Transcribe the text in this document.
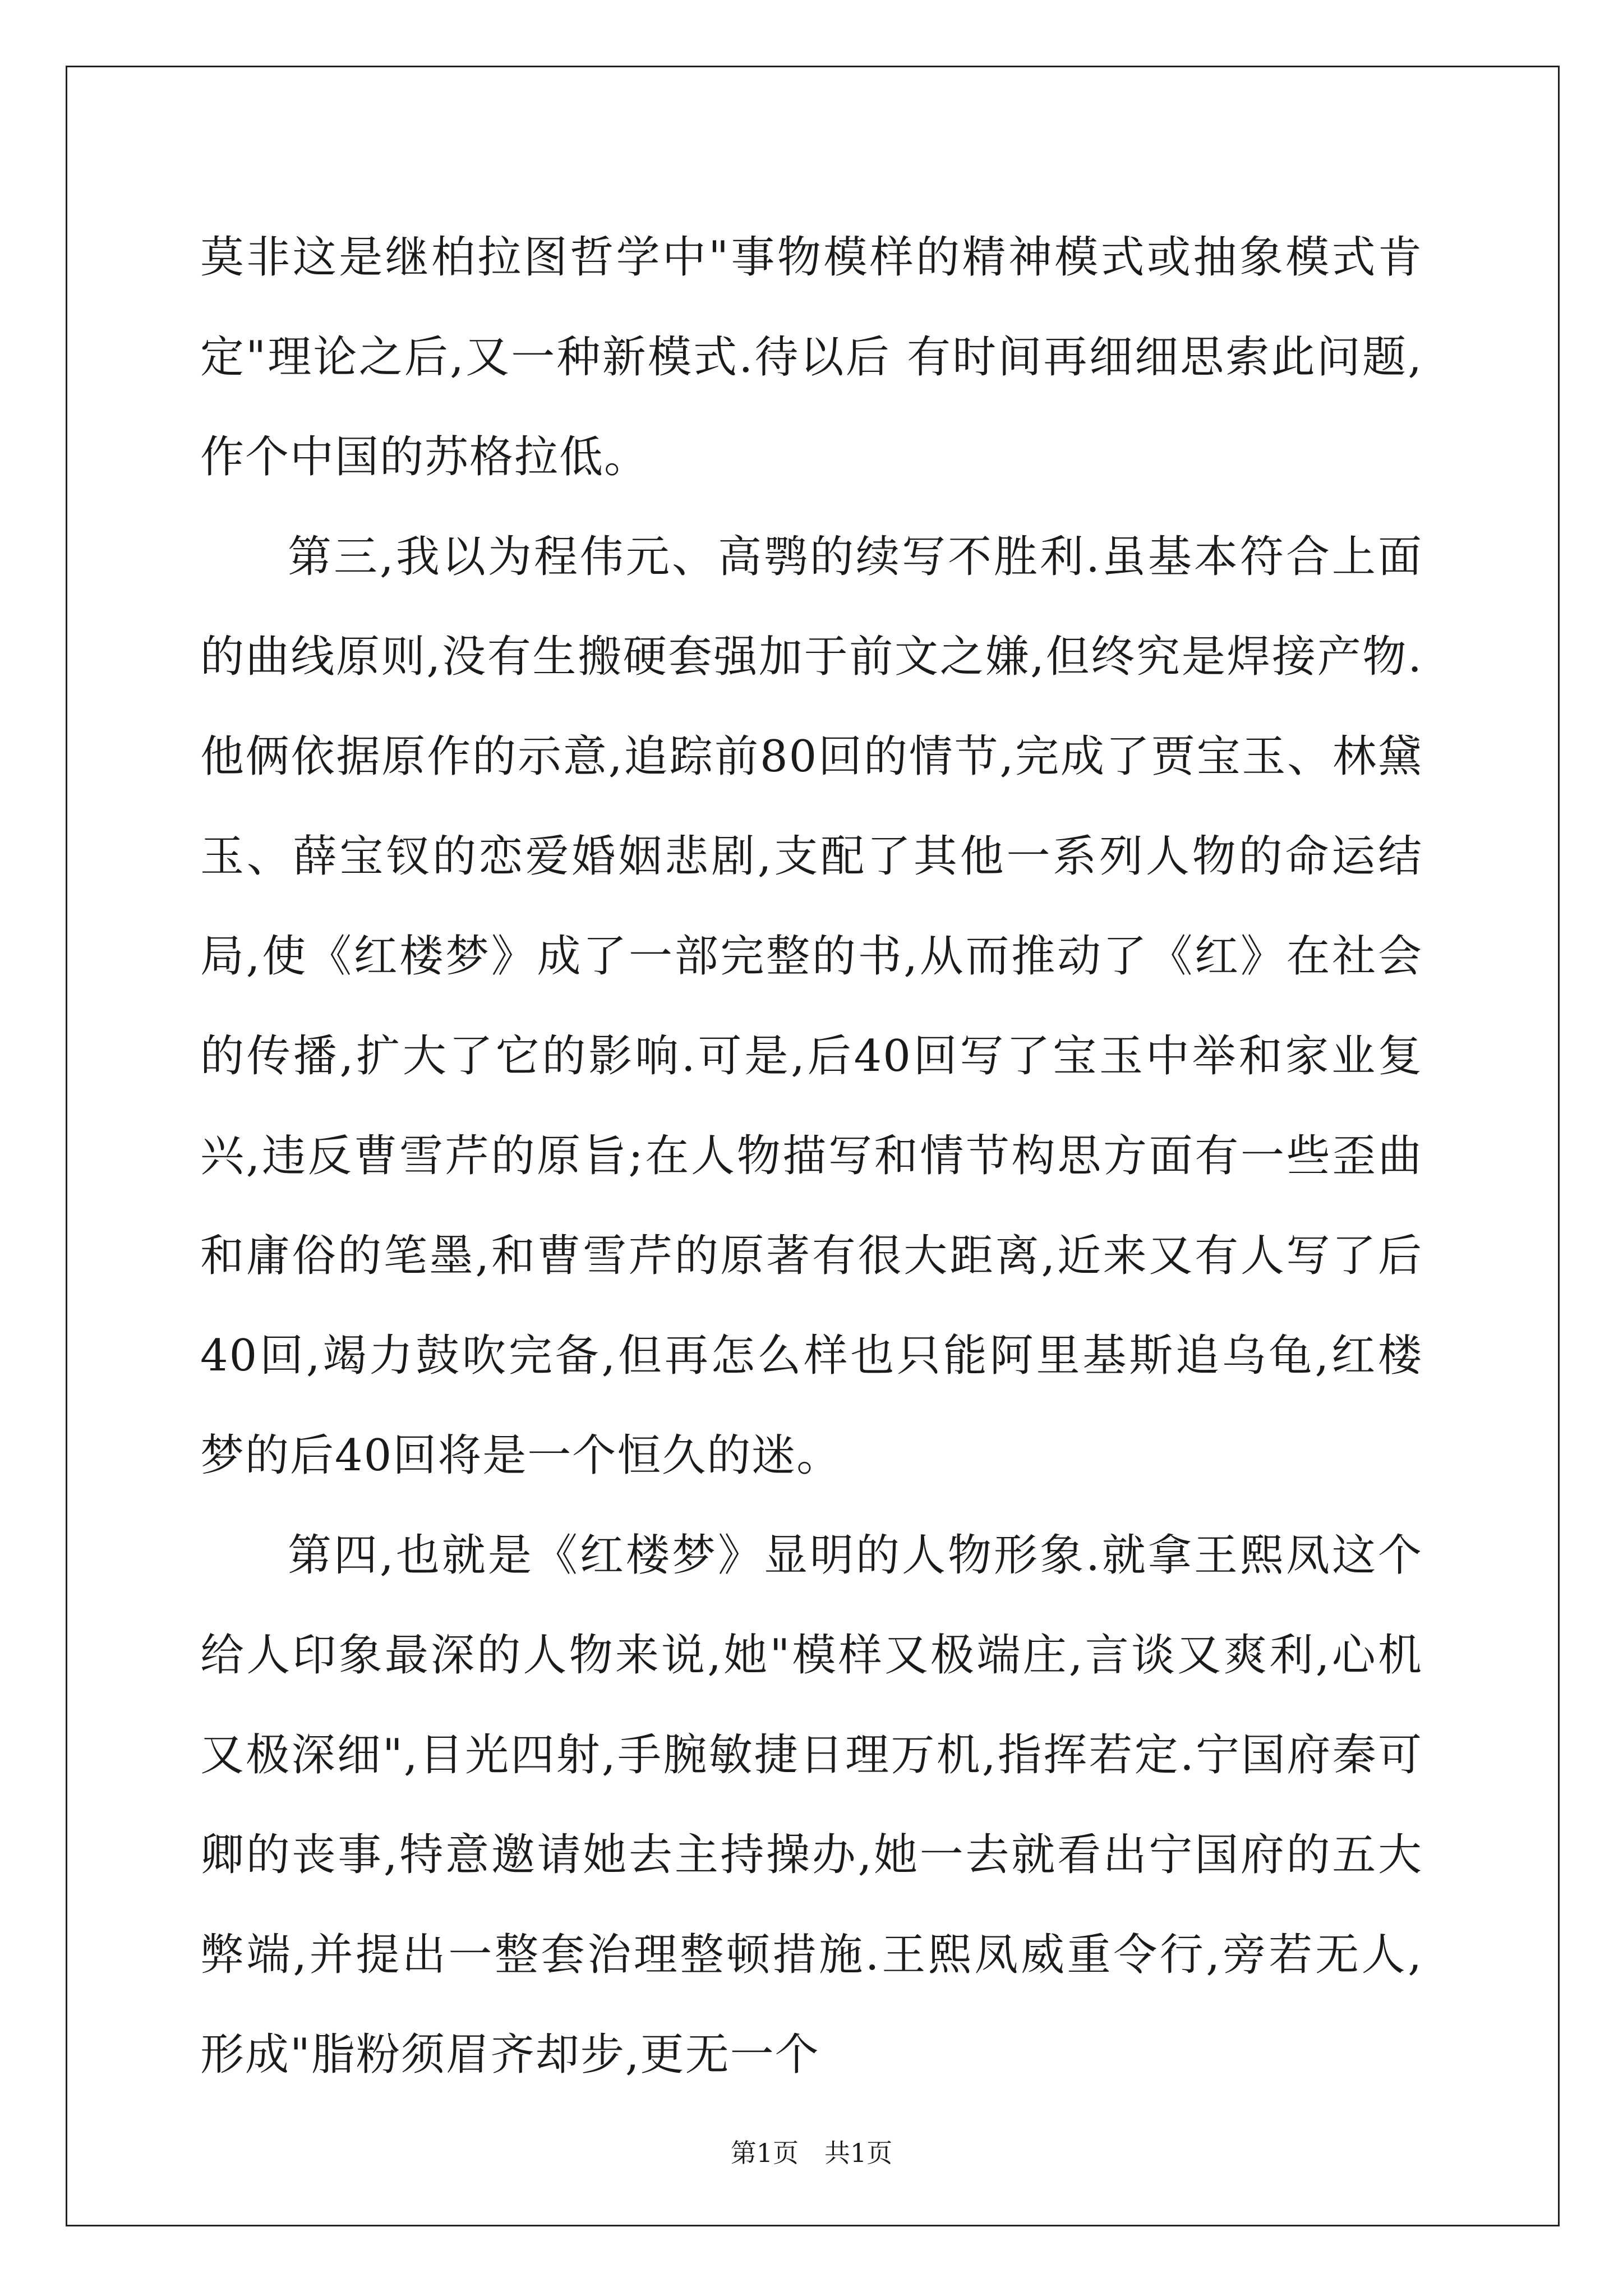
莫非这是继柏拉图哲学中"事物模样的精神模式或抽象模式肯定"理论之后,又一种新模式.待以后 有时间再细细思索此问题,作个中国的苏格拉低。

第三,我以为程伟元、高鹗的续写不胜利.虽基本符合上面的曲线原则,没有生搬硬套强加于前文之嫌,但终究是焊接产物.他俩依据原作的示意,追踪前80回的情节,完成了贾宝玉、林黛玉、薛宝钗的恋爱婚姻悲剧,支配了其他一系列人物的命运结局,使《红楼梦》成了一部完整的书,从而推动了《红》在社会的传播,扩大了它的影响.可是,后40回写了宝玉中举和家业复兴,违反曹雪芹的原旨;在人物描写和情节构思方面有一些歪曲和庸俗的笔墨,和曹雪芹的原著有很大距离,近来又有人写了后40回,竭力鼓吹完备,但再怎么样也只能阿里基斯追乌龟,红楼梦的后40回将是一个恒久的迷。

第四,也就是《红楼梦》显明的人物形象.就拿王熙凤这个给人印象最深的人物来说,她"模样又极端庄,言谈又爽利,心机又极深细",目光四射,手腕敏捷日理万机,指挥若定.宁国府秦可卿的丧事,特意邀请她去主持操办,她一去就看出宁国府的五大弊端,并提出一整套治理整顿措施.王熙凤威重令行,旁若无人,形成"脂粉须眉齐却步,更无一个

第1页　共1页
